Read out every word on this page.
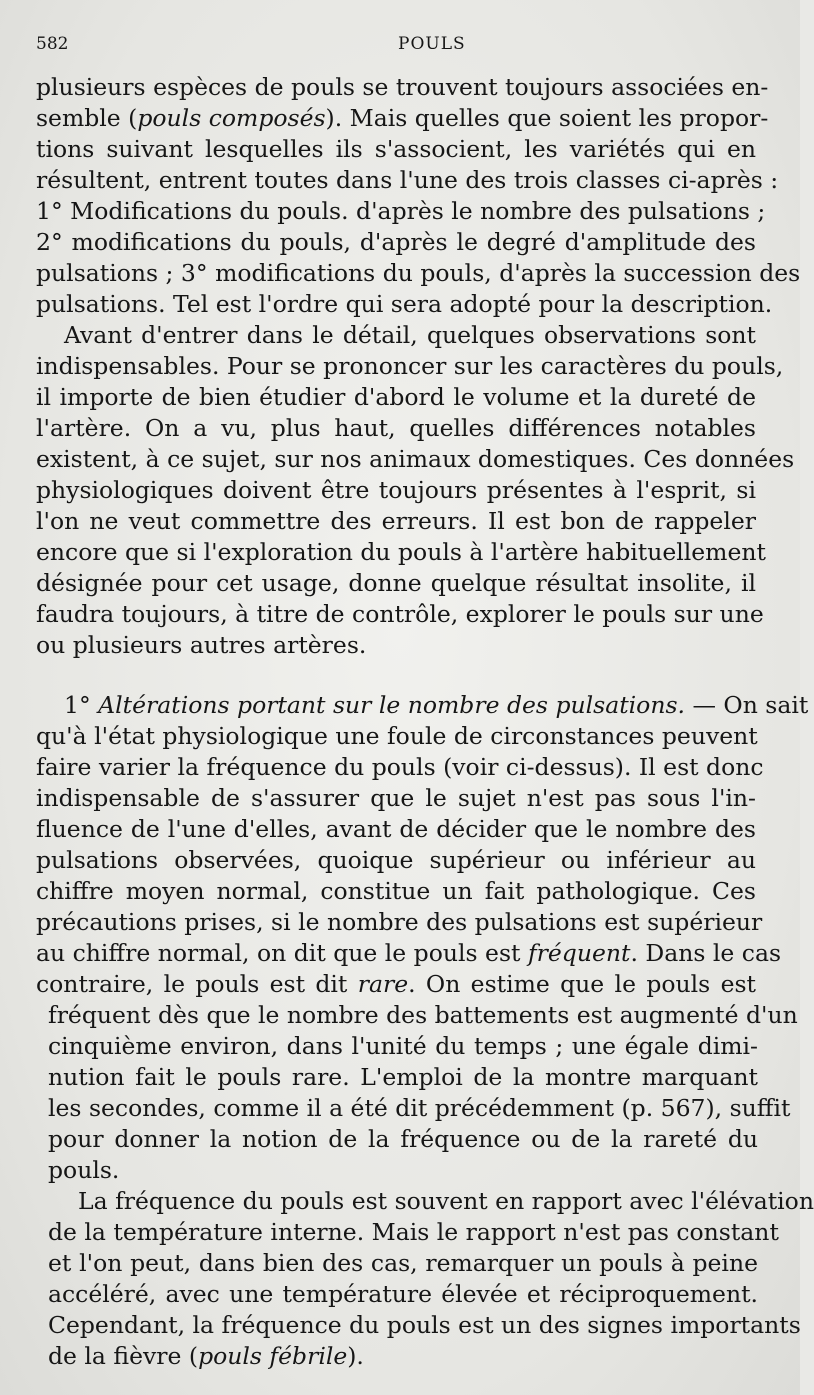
582	POULS
plusieurs espèces de pouls se trouvent toujours associées en-
semble (pouls composés). Mais quelles que soient les propor-
tions suivant lesquelles ils s'associent, les variétés qui en
résultent, entrent toutes dans l'une des trois classes ci-après :
1° Modifications du pouls. d'après le nombre des pulsations ;
2° modifications du pouls, d'après le degré d'amplitude des
pulsations ; 3° modifications du pouls, d'après la succession des
pulsations. Tel est l'ordre qui sera adopté pour la description.
Avant d'entrer dans le détail, quelques observations sont
indispensables. Pour se prononcer sur les caractères du pouls,
il importe de bien étudier d'abord le volume et la dureté de
l'artère. On a vu, plus haut, quelles différences notables
existent, à ce sujet, sur nos animaux domestiques. Ces données
physiologiques doivent être toujours présentes à l'esprit, si
l'on ne veut commettre des erreurs. Il est bon de rappeler
encore que si l'exploration du pouls à l'artère habituellement
désignée pour cet usage, donne quelque résultat insolite, il
faudra toujours, à titre de contrôle, explorer le pouls sur une
ou plusieurs autres artères.
1° Altérations portant sur le nombre des pulsations. — On sait
qu'à l'état physiologique une foule de circonstances peuvent
faire varier la fréquence du pouls (voir ci-dessus). Il est donc
indispensable de s'assurer que le sujet n'est pas sous l'in-
fluence de l'une d'elles, avant de décider que le nombre des
pulsations observées, quoique supérieur ou inférieur au
chiffre moyen normal, constitue un fait pathologique. Ces
précautions prises, si le nombre des pulsations est supérieur
au chiffre normal, on dit que le pouls est fréquent. Dans le cas
contraire, le pouls est dit rare. On estime que le pouls est
fréquent dès que le nombre des battements est augmenté d'un
cinquième environ, dans l'unité du temps ; une égale dimi-
nution fait le pouls rare. L'emploi de la montre marquant
les secondes, comme il a été dit précédemment (p. 567), suffit
pour donner la notion de la fréquence ou de la rareté du
pouls.
La fréquence du pouls est souvent en rapport avec l'élévation
de la température interne. Mais le rapport n'est pas constant
et l'on peut, dans bien des cas, remarquer un pouls à peine
accéléré, avec une température élevée et réciproquement.
Cependant, la fréquence du pouls est un des signes importants
de la fièvre (pouls fébrile).
